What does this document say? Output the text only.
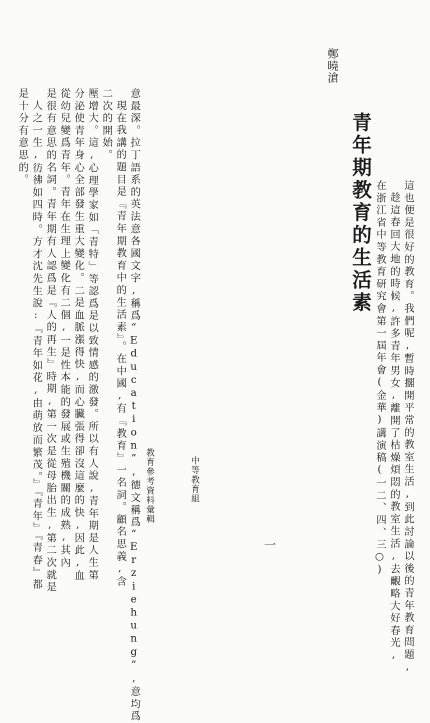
鄭曉滄
青年期教育的生活素 在浙江省中等教育研究會第一屆年會(金華)講演稿(一二、四、三○) 趁這春回大地的時候,許多青年男女,離開了枯燥煩悶的教室生活,去覼略大好春光, 這也便是很好的教育。我們呢,暫時擱開平常的教室生活,到此討論以後的青年教育問題,
是十分有意思的。 人之一生,彷彿如四時。方才沈先生說:『青年如花,由萌放而繁茂。』『青年』『青春』都 是很有意思的名詞。青年期有人認爲是『人的再生』時期,第一次是從母胎出生,第二次就是 從幼兒變爲青年。青年在生理上變化有二個,一是性本能的發展或生殖機關的成熟,其內 分泌使青年身心全部發生重大變化。二是血脈漲得快,而心臟張得卻沒這麼的快,因此,血 壓增大。這,心理學家如「青特」等認爲是以致情感的激發。所以有人說,青年期是人生第 二次的開始。 現在我講的題目是『青年期教育中的生活素』。在中國,有『教育』一名詞。顧名思義,含 意最深。拉丁語系的英法意各國文字,稱爲“Education”,德文稱爲“Erziehung”,意均爲 教育參考資料彙輯	中等教育組
一
